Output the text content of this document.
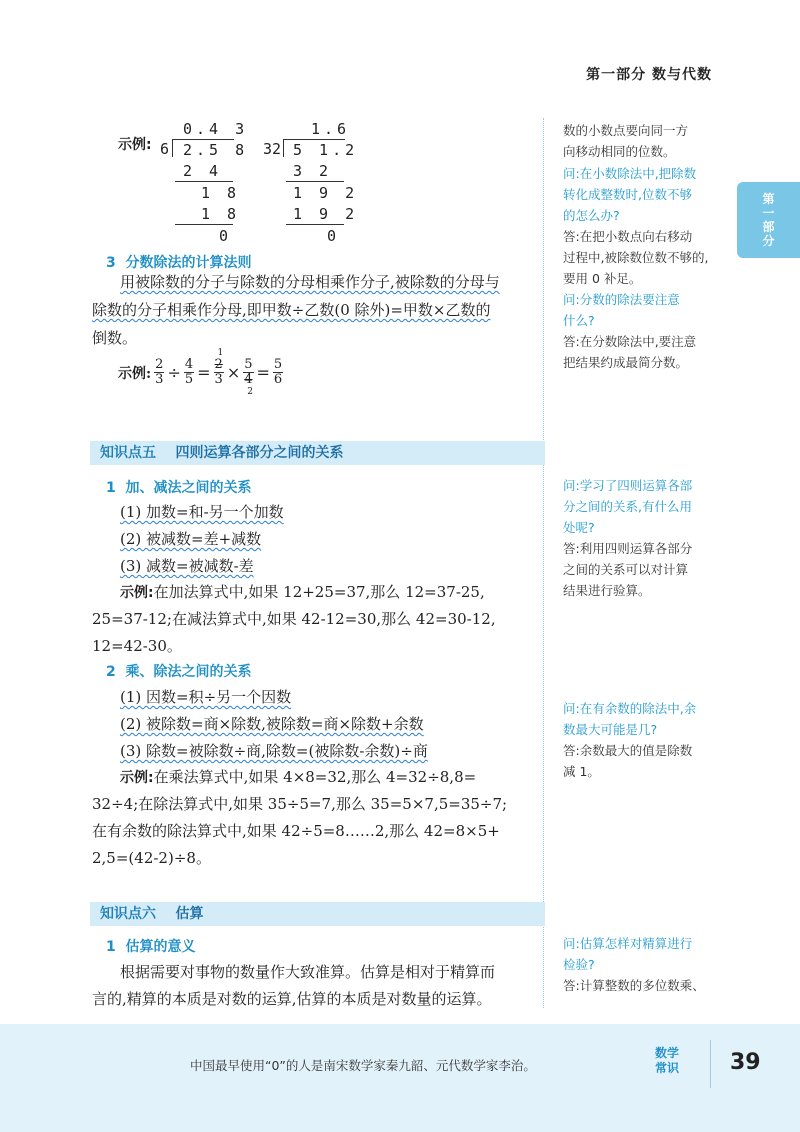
第一部分 数与代数
第
一
部
分
示例:
0.4 3
6 2.5 8
2 4
1 8
1 8
0
1.6
32 5 1.2
3 2
1 9 2
1 9 2
0
3 分数除法的计算法则
用被除数的分子与除数的分母相乘作分子,被除数的分母与
除数的分子相乘作分母,即甲数÷乙数(0 除外)=甲数×乙数的
倒数。
示例: $\frac{2}{3} \div \frac{4}{5}$ =
1
2
3 × 5
4
2
= $\frac{5}{6}$
知识点五 四则运算各部分之间的关系
1 加、减法之间的关系
(1) 加数=和-另一个加数
(2) 被减数=差+减数
(3) 减数=被减数-差
示例:在加法算式中,如果 12+25=37,那么 12=37-25,
25=37-12;在减法算式中,如果 42-12=30,那么 42=30-12,
12=42-30。
2 乘、除法之间的关系
(1) 因数=积÷另一个因数
(2) 被除数=商×除数,被除数=商×除数+余数
(3) 除数=被除数÷商,除数=(被除数-余数)÷商
示例:在乘法算式中,如果 4×8=32,那么 4=32÷8,8=
32÷4;在除法算式中,如果 35÷5=7,那么 35=5×7,5=35÷7;
在有余数的除法算式中,如果 42÷5=8……2,那么 42=8×5+
2,5=(42-2)÷8。
知识点六 估算
1 估算的意义
根据需要对事物的数量作大致准算。估算是相对于精算而
言的,精算的本质是对数的运算,估算的本质是对数量的运算。
数的小数点要向同一方
向移动相同的位数。
问:在小数除法中,把除数
转化成整数时,位数不够
的怎么办?
答:在把小数点向右移动
过程中,被除数位数不够的,
要用 0 补足。
问:分数的除法要注意
什么?
答:在分数除法中,要注意
把结果约成最简分数。
问:学习了四则运算各部
分之间的关系,有什么用
处呢?
答:利用四则运算各部分
之间的关系可以对计算
结果进行验算。
问:在有余数的除法中,余
数最大可能是几?
答:余数最大的值是除数
减 1。
问:估算怎样对精算进行
检验?
答:计算整数的多位数乘、
中国最早使用“0”的人是南宋数学家秦九韶、元代数学家李治。
数学
常识 39
